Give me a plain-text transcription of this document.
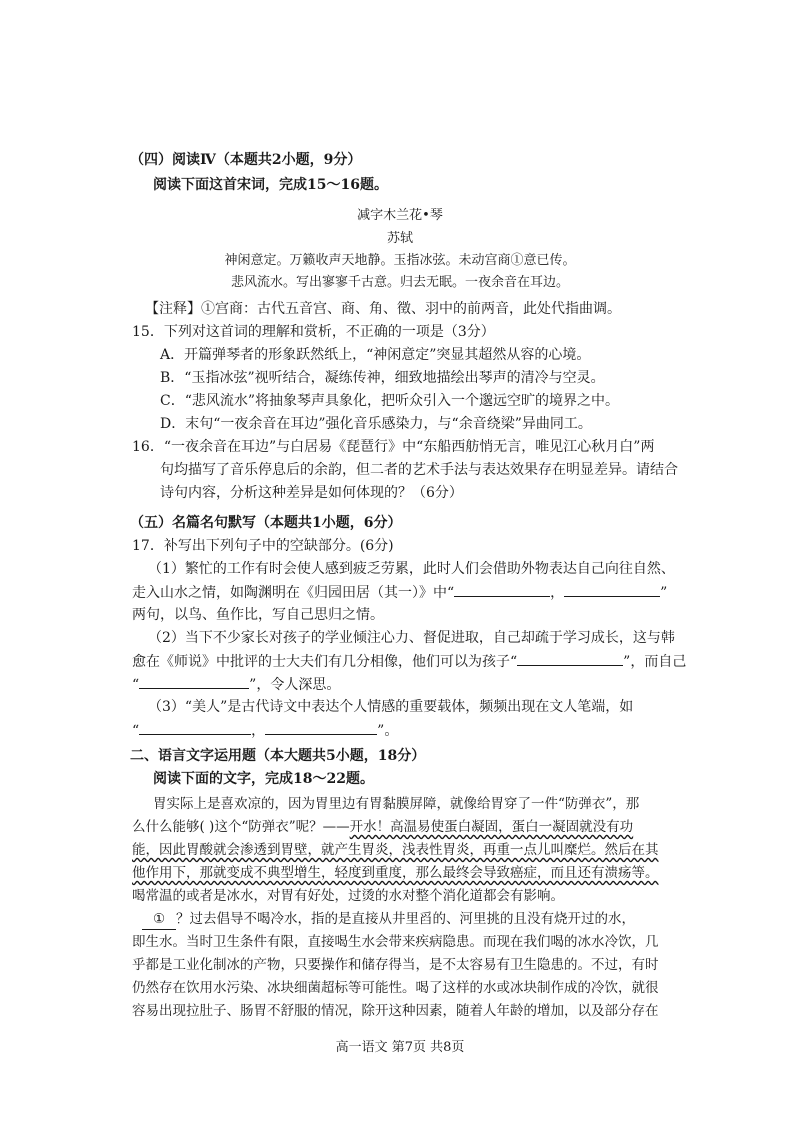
（四）阅读Ⅳ（本题共2小题，9分）
阅读下面这首宋词，完成15～16题。
减字木兰花•琴
苏轼
神闲意定。万籁收声天地静。玉指冰弦。未动宫商①意已传。
悲风流水。写出寥寥千古意。归去无眠。一夜余音在耳边。
【注释】①宫商：古代五音宫、商、角、徵、羽中的前两音，此处代指曲调。
15．下列对这首词的理解和赏析，不正确的一项是（3分）
A．开篇弹琴者的形象跃然纸上，“神闲意定”突显其超然从容的心境。
B．“玉指冰弦”视听结合，凝练传神，细致地描绘出琴声的清冷与空灵。
C．“悲风流水”将抽象琴声具象化，把听众引入一个邈远空旷的境界之中。
D．末句“一夜余音在耳边”强化音乐感染力，与“余音绕梁”异曲同工。
16．“一夜余音在耳边”与白居易《琵琶行》中“东船西舫悄无言，唯见江心秋月白”两
句均描写了音乐停息后的余韵，但二者的艺术手法与表达效果存在明显差异。请结合
诗句内容，分析这种差异是如何体现的？（6分）
（五）名篇名句默写（本题共1小题，6分）
17．补写出下列句子中的空缺部分。(6分)
（1）繁忙的工作有时会使人感到疲乏劳累，此时人们会借助外物表达自己向往自然、
走入山水之情，如陶渊明在《归园田居（其一）》中“	，	”
两句，以鸟、鱼作比，写自己思归之情。
（2）当下不少家长对孩子的学业倾注心力、督促进取，自己却疏于学习成长，这与韩
愈在《师说》中批评的士大夫们有几分相像，他们可以为孩子“	”，而自己
“	”，令人深思。
（3）“美人”是古代诗文中表达个人情感的重要载体，频频出现在文人笔端，如
“	，	”。
二、语言文字运用题（本大题共5小题，18分）
阅读下面的文字，完成18～22题。
胃实际上是喜欢凉的，因为胃里边有胃黏膜屏障，就像给胃穿了一件“防弹衣”，那
么什么能够( )这个“防弹衣”呢？——开水！高温易使蛋白凝固，蛋白一凝固就没有功
能，因此胃酸就会渗透到胃壁，就产生胃炎，浅表性胃炎，再重一点儿叫糜烂。然后在其
他作用下，那就变成不典型增生，轻度到重度，那么最终会导致癌症，而且还有溃疡等。
喝常温的或者是冰水，对胃有好处，过烫的水对整个消化道都会有影响。
① ？过去倡导不喝冷水，指的是直接从井里舀的、河里挑的且没有烧开过的水，
即生水。当时卫生条件有限，直接喝生水会带来疾病隐患。而现在我们喝的冰水冷饮，几
乎都是工业化制冰的产物，只要操作和储存得当，是不太容易有卫生隐患的。不过，有时
仍然存在饮用水污染、冰块细菌超标等可能性。喝了这样的水或冰块制作成的冷饮，就很
容易出现拉肚子、肠胃不舒服的情况，除开这种因素，随着人年龄的增加，以及部分存在
高一语文 第7页 共8页
